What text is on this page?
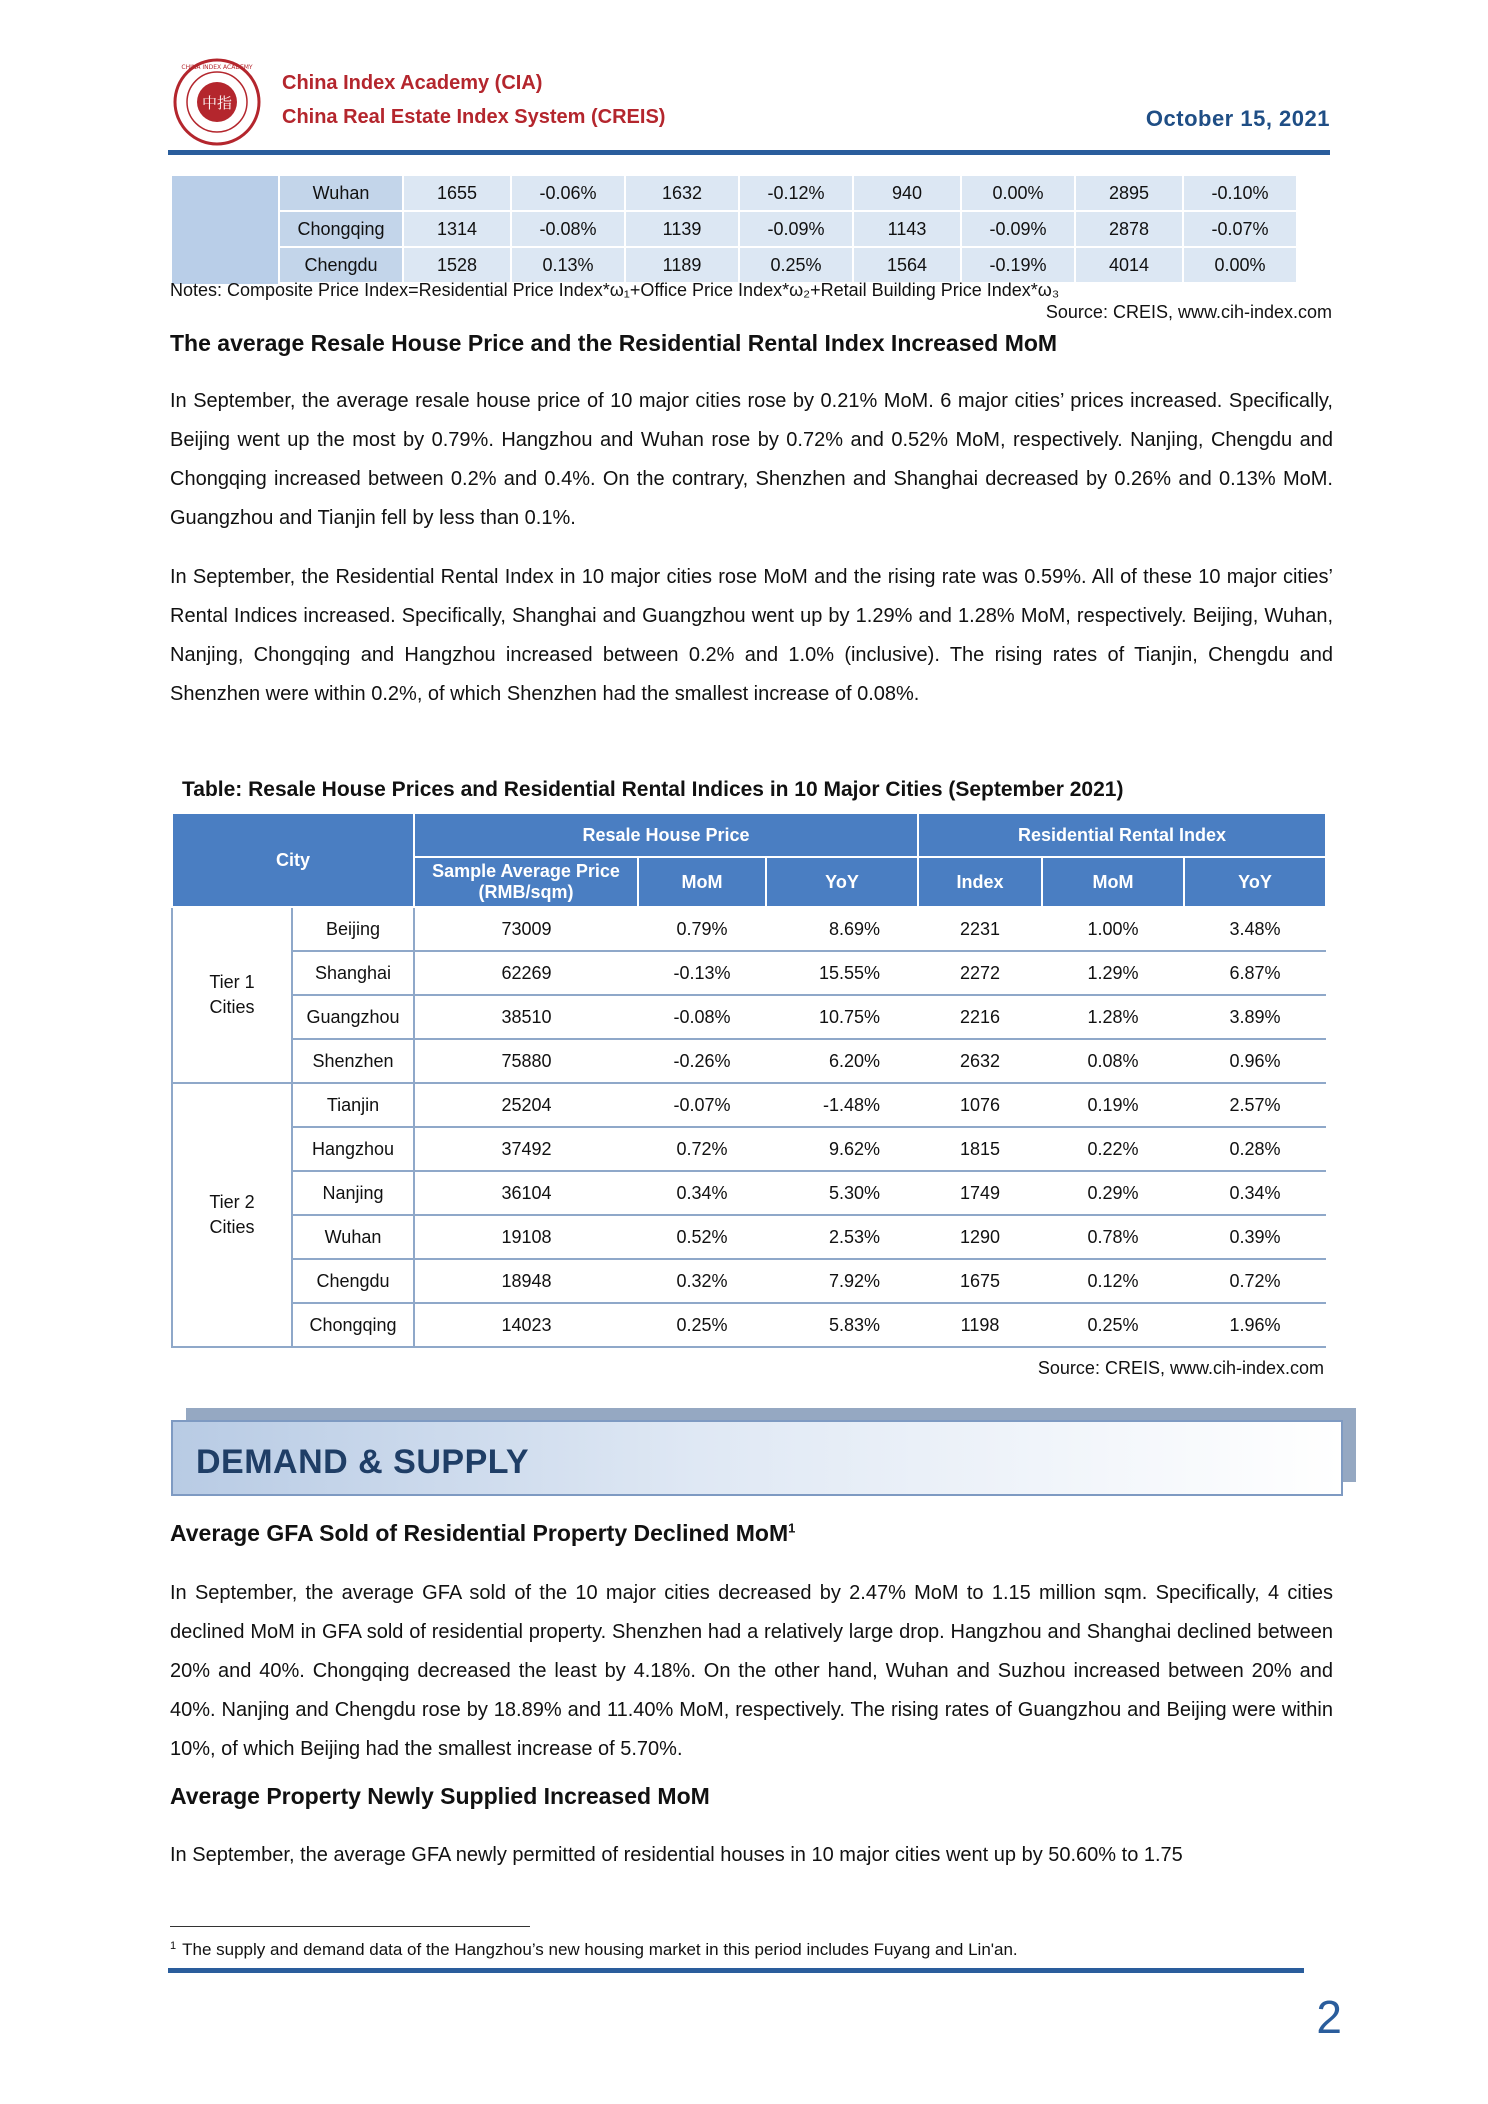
中指
CHINA INDEX ACADEMY
China Index Academy (CIA)
China Real Estate Index System (CREIS)	October 15, 2021
	Wuhan	1655	-0.06%	1632	-0.12%	940	0.00%	2895	-0.10%
	Chongqing	1314	-0.08%	1139	-0.09%	1143	-0.09%	2878	-0.07%
	Chengdu	1528	0.13%	1189	0.25%	1564	-0.19%	4014	0.00%
Notes: Composite Price Index=Residential Price Index*ω₁+Office Price Index*ω₂+Retail Building Price Index*ω₃
Source: CREIS, www.cih-index.com
The average Resale House Price and the Residential Rental Index Increased MoM

In September, the average resale house price of 10 major cities rose by 0.21% MoM. 6 major cities’ prices increased. Specifically, Beijing went up the most by 0.79%. Hangzhou and Wuhan rose by 0.72% and 0.52% MoM, respectively. Nanjing, Chengdu and Chongqing increased between 0.2% and 0.4%. On the contrary, Shenzhen and Shanghai decreased by 0.26% and 0.13% MoM. Guangzhou and Tianjin fell by less than 0.1%.

In September, the Residential Rental Index in 10 major cities rose MoM and the rising rate was 0.59%. All of these 10 major cities’ Rental Indices increased. Specifically, Shanghai and Guangzhou went up by 1.29% and 1.28% MoM, respectively. Beijing, Wuhan, Nanjing, Chongqing and Hangzhou increased between 0.2% and 1.0% (inclusive). The rising rates of Tianjin, Chengdu and Shenzhen were within 0.2%, of which Shenzhen had the smallest increase of 0.08%.

Table: Resale House Prices and Residential Rental Indices in 10 Major Cities (September 2021)
City		Resale House Price			Residential Rental Index		
		Sample Average Price (RMB/sqm)	MoM	YoY	Index	MoM	YoY
Tier 1
Cities	Beijing	73009	0.79%	8.69%	2231	1.00%	3.48%
	Shanghai	62269	-0.13%	15.55%	2272	1.29%	6.87%
	Guangzhou	38510	-0.08%	10.75%	2216	1.28%	3.89%
	Shenzhen	75880	-0.26%	6.20%	2632	0.08%	0.96%
Tier 2
Cities	Tianjin	25204	-0.07%	-1.48%	1076	0.19%	2.57%
	Hangzhou	37492	0.72%	9.62%	1815	0.22%	0.28%
	Nanjing	36104	0.34%	5.30%	1749	0.29%	0.34%
	Wuhan	19108	0.52%	2.53%	1290	0.78%	0.39%
	Chengdu	18948	0.32%	7.92%	1675	0.12%	0.72%
	Chongqing	14023	0.25%	5.83%	1198	0.25%	1.96%
Source: CREIS, www.cih-index.com
DEMAND & SUPPLY
Average GFA Sold of Residential Property Declined MoM$^1$

In September, the average GFA sold of the 10 major cities decreased by 2.47% MoM to 1.15 million sqm. Specifically, 4 cities declined MoM in GFA sold of residential property. Shenzhen had a relatively large drop. Hangzhou and Shanghai declined between 20% and 40%. Chongqing decreased the least by 4.18%. On the other hand, Wuhan and Suzhou increased between 20% and 40%. Nanjing and Chengdu rose by 18.89% and 11.40% MoM, respectively. The rising rates of Guangzhou and Beijing were within 10%, of which Beijing had the smallest increase of 5.70%.

Average Property Newly Supplied Increased MoM

In September, the average GFA newly permitted of residential houses in 10 major cities went up by 50.60% to 1.75

$^1$ The supply and demand data of the Hangzhou’s new housing market in this period includes Fuyang and Lin'an.
2
